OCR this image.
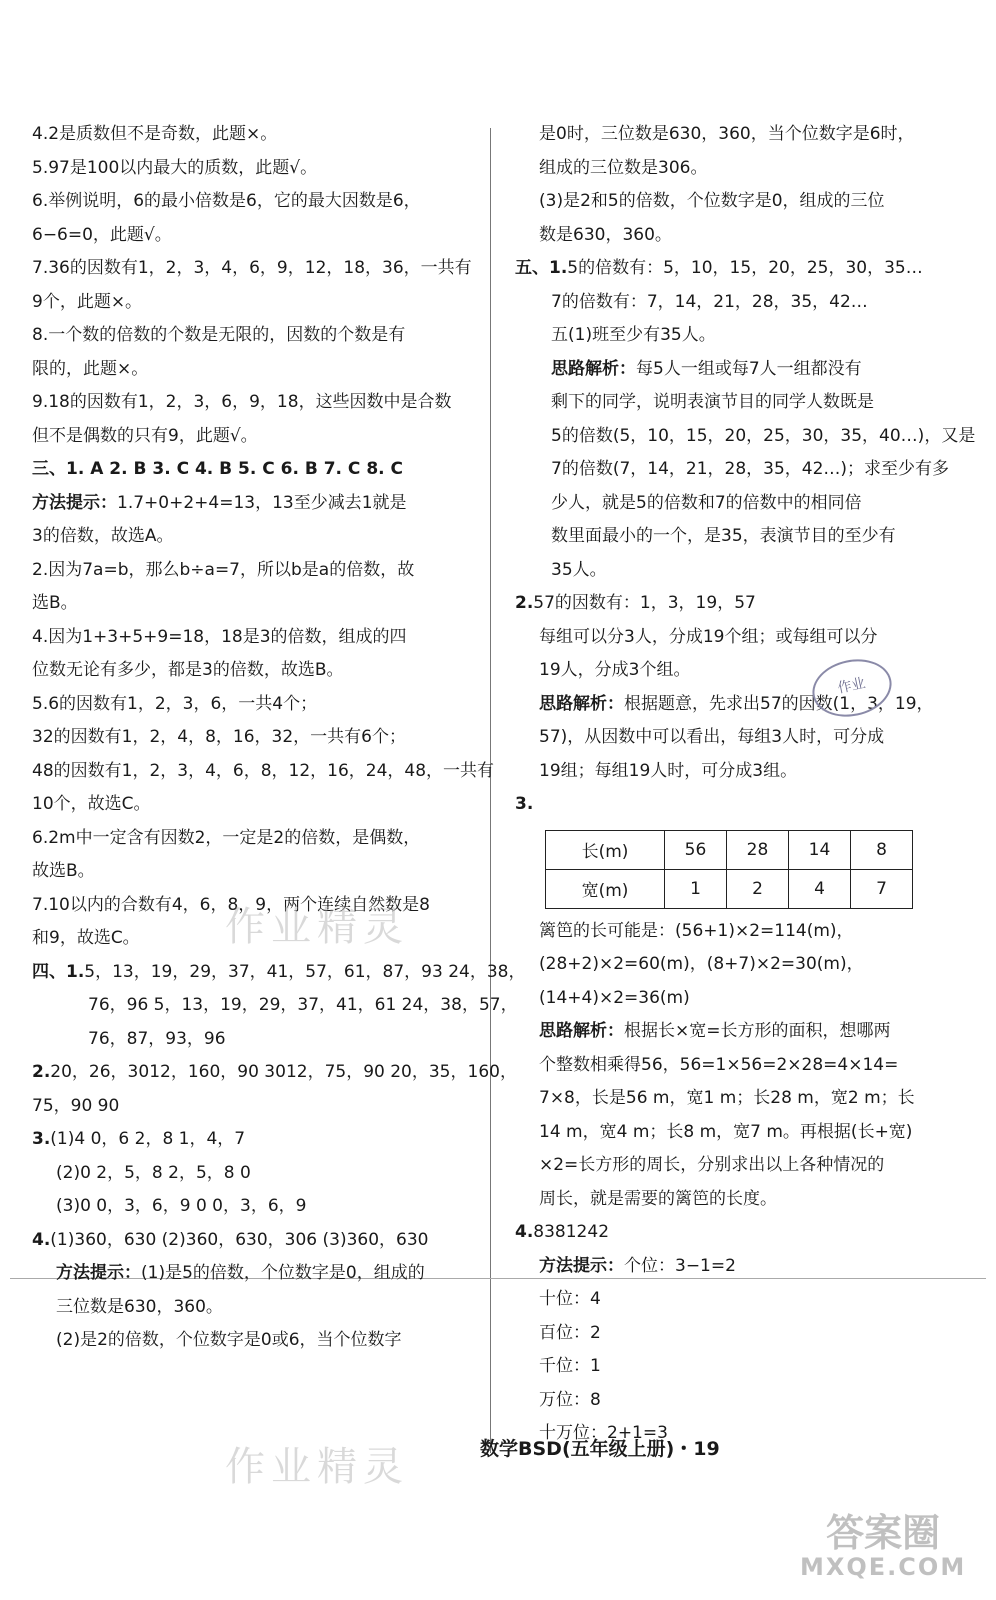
4.2是质数但不是奇数，此题×。
5.97是100以内最大的质数，此题√。
6.举例说明，6的最小倍数是6，它的最大因数是6，
6−6=0，此题√。
7.36的因数有1，2，3，4，6，9，12，18，36，一共有
9个，此题×。
8.一个数的倍数的个数是无限的，因数的个数是有
限的，此题×。
9.18的因数有1，2，3，6，9，18，这些因数中是合数
但不是偶数的只有9，此题√。
三、1. A 2. B 3. C 4. B 5. C 6. B 7. C 8. C
方法提示：1.7+0+2+4=13，13至少减去1就是
3的倍数，故选A。
2.因为7a=b，那么b÷a=7，所以b是a的倍数，故
选B。
4.因为1+3+5+9=18，18是3的倍数，组成的四
位数无论有多少，都是3的倍数，故选B。
5.6的因数有1，2，3，6，一共4个；
32的因数有1，2，4，8，16，32，一共有6个；
48的因数有1，2，3，4，6，8，12，16，24，48，一共有
10个，故选C。
6.2m中一定含有因数2，一定是2的倍数，是偶数，
故选B。
7.10以内的合数有4，6，8，9，两个连续自然数是8
和9，故选C。
四、1.5，13，19，29，37，41，57，61，87，93 24，38，
76，96 5，13，19，29，37，41，61 24，38，57，
76，87，93，96
2.20，26，3012，160，90 3012，75，90 20，35，160，
75，90 90
3.(1)4 0，6 2，8 1，4，7
(2)0 2，5，8 2，5，8 0
(3)0 0，3，6，9 0 0，3，6，9
4.(1)360，630 (2)360，630，306 (3)360，630
方法提示：(1)是5的倍数，个位数字是0，组成的
三位数是630，360。
(2)是2的倍数，个位数字是0或6，当个位数字
是0时，三位数是630，360，当个位数字是6时，
组成的三位数是306。
(3)是2和5的倍数，个位数字是0，组成的三位
数是630，360。
五、1.5的倍数有：5，10，15，20，25，30，35…
7的倍数有：7，14，21，28，35，42…
五(1)班至少有35人。
思路解析：每5人一组或每7人一组都没有
剩下的同学，说明表演节目的同学人数既是
5的倍数(5，10，15，20，25，30，35，40…)，又是
7的倍数(7，14，21，28，35，42…)；求至少有多
少人，就是5的倍数和7的倍数中的相同倍
数里面最小的一个，是35，表演节目的至少有
35人。
2.57的因数有：1，3，19，57
每组可以分3人，分成19个组；或每组可以分
19人，分成3个组。
思路解析：根据题意，先求出57的因数(1，3，19，
57)，从因数中可以看出，每组3人时，可分成
19组；每组19人时，可分成3组。
3.
长(m)	56	28	14	8
宽(m)	1	2	4	7
篱笆的长可能是：(56+1)×2=114(m)，
(28+2)×2=60(m)，(8+7)×2=30(m)，
(14+4)×2=36(m)
思路解析：根据长×宽=长方形的面积，想哪两
个整数相乘得56，56=1×56=2×28=4×14=
7×8，长是56 m，宽1 m；长28 m，宽2 m；长
14 m，宽4 m；长8 m，宽7 m。再根据(长+宽)
×2=长方形的周长，分别求出以上各种情况的
周长，就是需要的篱笆的长度。
4.8381242
方法提示：个位：3−1=2
十位：4
百位：2
千位：1
万位：8
十万位：2+1=3
作业
作业精灵
作业精灵	数学BSD(五年级上册)・19
答案圈
MXQE.COM
